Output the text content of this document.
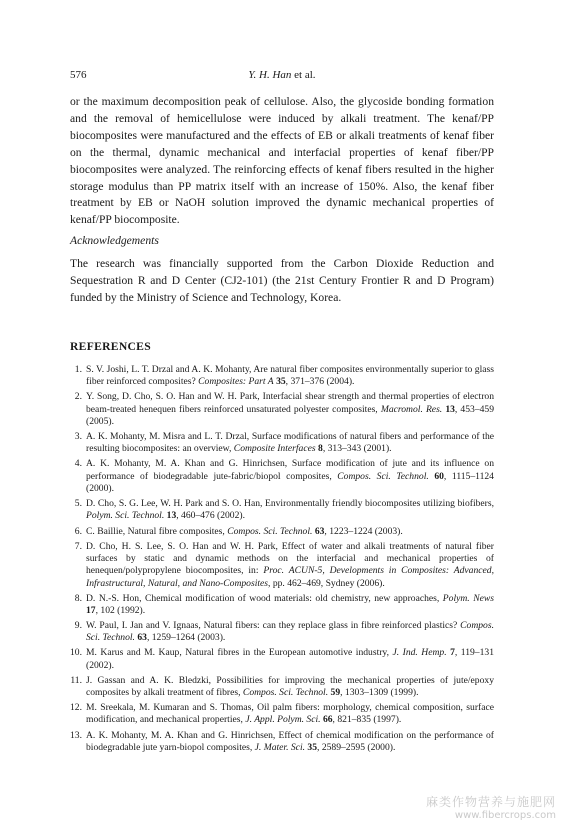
576	Y. H. Han et al.

or the maximum decomposition peak of cellulose. Also, the glycoside bonding formation and the removal of hemicellulose were induced by alkali treatment. The kenaf/PP biocomposites were manufactured and the effects of EB or alkali treatments of kenaf fiber on the thermal, dynamic mechanical and interfacial properties of kenaf fiber/PP biocomposites were analyzed. The reinforcing effects of kenaf fibers resulted in the higher storage modulus than PP matrix itself with an increase of 150%. Also, the kenaf fiber treatment by EB or NaOH solution improved the dynamic mechanical properties of kenaf/PP biocomposite.

Acknowledgements

The research was financially supported from the Carbon Dioxide Reduction and Sequestration R and D Center (CJ2-101) (the 21st Century Frontier R and D Program) funded by the Ministry of Science and Technology, Korea.

REFERENCES
1. S. V. Joshi, L. T. Drzal and A. K. Mohanty, Are natural fiber composites environmentally superior to glass fiber reinforced composites? Composites: Part A 35, 371–376 (2004).
2. Y. Song, D. Cho, S. O. Han and W. H. Park, Interfacial shear strength and thermal properties of electron beam-treated henequen fibers reinforced unsaturated polyester composites, Macromol. Res. 13, 453–459 (2005).
3. A. K. Mohanty, M. Misra and L. T. Drzal, Surface modifications of natural fibers and performance of the resulting biocomposites: an overview, Composite Interfaces 8, 313–343 (2001).
4. A. K. Mohanty, M. A. Khan and G. Hinrichsen, Surface modification of jute and its influence on performance of biodegradable jute-fabric/biopol composites, Compos. Sci. Technol. 60, 1115–1124 (2000).
5. D. Cho, S. G. Lee, W. H. Park and S. O. Han, Environmentally friendly biocomposites utilizing biofibers, Polym. Sci. Technol. 13, 460–476 (2002).
6. C. Baillie, Natural fibre composites, Compos. Sci. Technol. 63, 1223–1224 (2003).
7. D. Cho, H. S. Lee, S. O. Han and W. H. Park, Effect of water and alkali treatments of natural fiber surfaces by static and dynamic methods on the interfacial and mechanical properties of henequen/polypropylene biocomposites, in: Proc. ACUN-5, Developments in Composites: Advanced, Infrastructural, Natural, and Nano-Composites, pp. 462–469, Sydney (2006).
8. D. N.-S. Hon, Chemical modification of wood materials: old chemistry, new approaches, Polym. News 17, 102 (1992).
9. W. Paul, I. Jan and V. Ignaas, Natural fibers: can they replace glass in fibre reinforced plastics? Compos. Sci. Technol. 63, 1259–1264 (2003).
10. M. Karus and M. Kaup, Natural fibres in the European automotive industry, J. Ind. Hemp. 7, 119–131 (2002).
11. J. Gassan and A. K. Bledzki, Possibilities for improving the mechanical properties of jute/epoxy composites by alkali treatment of fibres, Compos. Sci. Technol. 59, 1303–1309 (1999).
12. M. Sreekala, M. Kumaran and S. Thomas, Oil palm fibers: morphology, chemical composition, surface modification, and mechanical properties, J. Appl. Polym. Sci. 66, 821–835 (1997).
13. A. K. Mohanty, M. A. Khan and G. Hinrichsen, Effect of chemical modification on the performance of biodegradable jute yarn-biopol composites, J. Mater. Sci. 35, 2589–2595 (2000).
麻类作物营养与施肥网
www.fibercrops.com
